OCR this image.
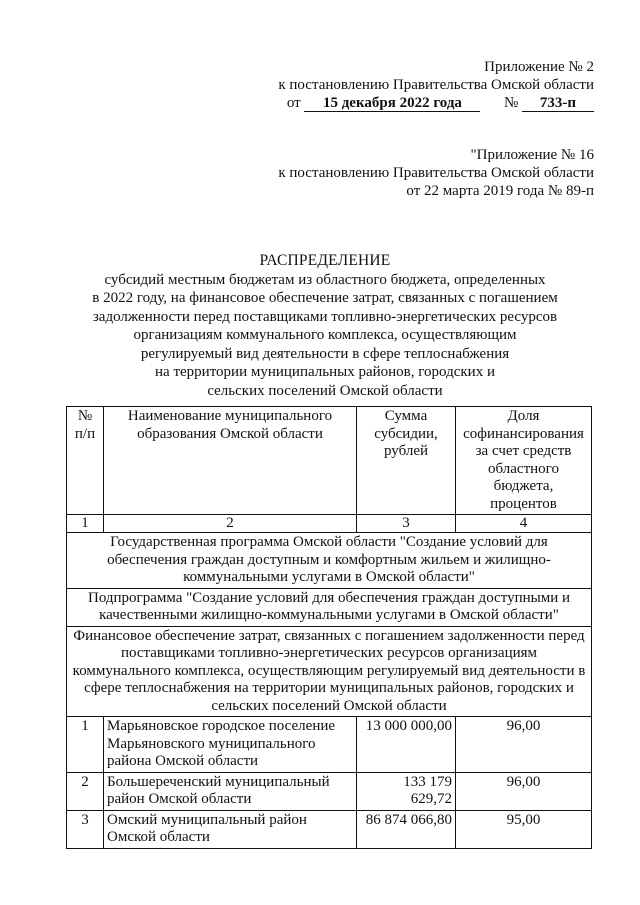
Приложение № 2
к постановлению Правительства Омской области
от 15 декабря 2022 года	№ 733-п
"Приложение № 16
к постановлению Правительства Омской области
от 22 марта 2019 года № 89-п
РАСПРЕДЕЛЕНИЕ
субсидий местным бюджетам из областного бюджета, определенных
в 2022 году, на финансовое обеспечение затрат, связанных с погашением
задолженности перед поставщиками топливно-энергетических ресурсов
организациям коммунального комплекса, осуществляющим
регулируемый вид деятельности в сфере теплоснабжения
на территории муниципальных районов, городских и
сельских поселений Омской области
№ п/п	Наименование муниципального образования Омской области	Сумма субсидии, рублей	Доля софинансирования за счет средств областного бюджета, процентов
1	2	3	4
Государственная программа Омской области "Создание условий для обеспечения граждан доступным и комфортным жильем и жилищно-коммунальными услугами в Омской области"			
Подпрограмма "Создание условий для обеспечения граждан доступными и качественными жилищно-коммунальными услугами в Омской области"			
Финансовое обеспечение затрат, связанных с погашением задолженности перед поставщиками топливно-энергетических ресурсов организациям коммунального комплекса, осуществляющим регулируемый вид деятельности в сфере теплоснабжения на территории муниципальных районов, городских и сельских поселений Омской области			
1	Марьяновское городское поселение Марьяновского муниципального района Омской области	13 000 000,00	96,00
2	Большереченский муниципальный район Омской области	133 179 629,72	96,00
3	Омский муниципальный район Омской области	86 874 066,80	95,00
